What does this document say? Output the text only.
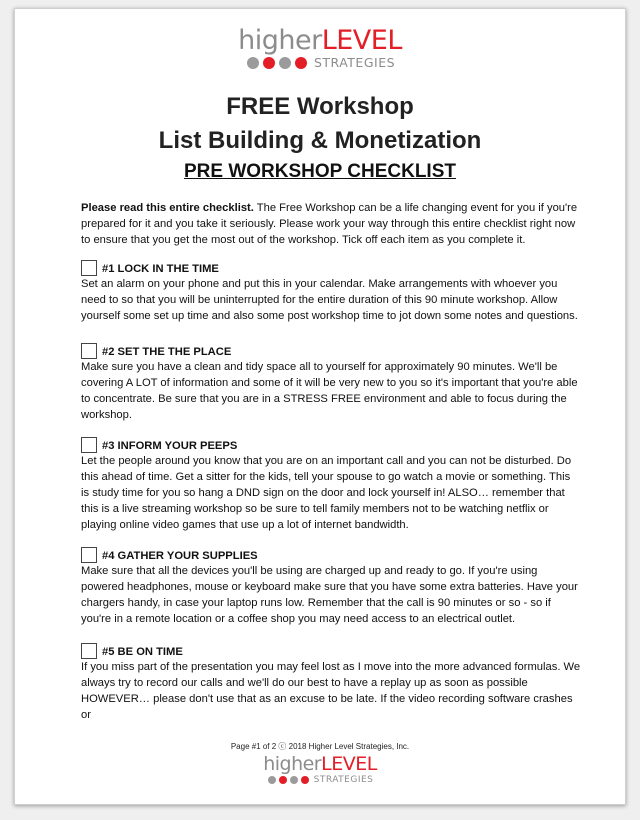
higherLEVEL
STRATEGIES
FREE Workshop
List Building & Monetization
PRE WORKSHOP CHECKLIST
Please read this entire checklist. The Free Workshop can be a life changing event for you if you're prepared for it and you take it seriously. Please work your way through this entire checklist right now to ensure that you get the most out of the workshop. Tick off each item as you complete it.
#1 LOCK IN THE TIME
Set an alarm on your phone and put this in your calendar. Make arrangements with whoever you need to so that you will be uninterrupted for the entire duration of this 90 minute workshop. Allow yourself some set up time and also some post workshop time to jot down some notes and questions.
#2 SET THE THE PLACE
Make sure you have a clean and tidy space all to yourself for approximately 90 minutes. We'll be covering A LOT of information and some of it will be very new to you so it's important that you're able to concentrate. Be sure that you are in a STRESS FREE environment and able to focus during the workshop.
#3 INFORM YOUR PEEPS
Let the people around you know that you are on an important call and you can not be disturbed. Do this ahead of time. Get a sitter for the kids, tell your spouse to go watch a movie or something. This is study time for you so hang a DND sign on the door and lock yourself in! ALSO… remember that this is a live streaming workshop so be sure to tell family members not to be watching netflix or playing online video games that use up a lot of internet bandwidth.
#4 GATHER YOUR SUPPLIES
Make sure that all the devices you'll be using are charged up and ready to go. If you're using powered headphones, mouse or keyboard make sure that you have some extra batteries. Have your chargers handy, in case your laptop runs low. Remember that the call is 90 minutes or so - so if you're in a remote location or a coffee shop you may need access to an electrical outlet.
#5 BE ON TIME
If you miss part of the presentation you may feel lost as I move into the more advanced formulas. We always try to record our calls and we'll do our best to have a replay up as soon as possible HOWEVER… please don't use that as an excuse to be late. If the video recording software crashes or
Page #1 of 2 ⓒ 2018 Higher Level Strategies, Inc.
higherLEVEL
STRATEGIES
